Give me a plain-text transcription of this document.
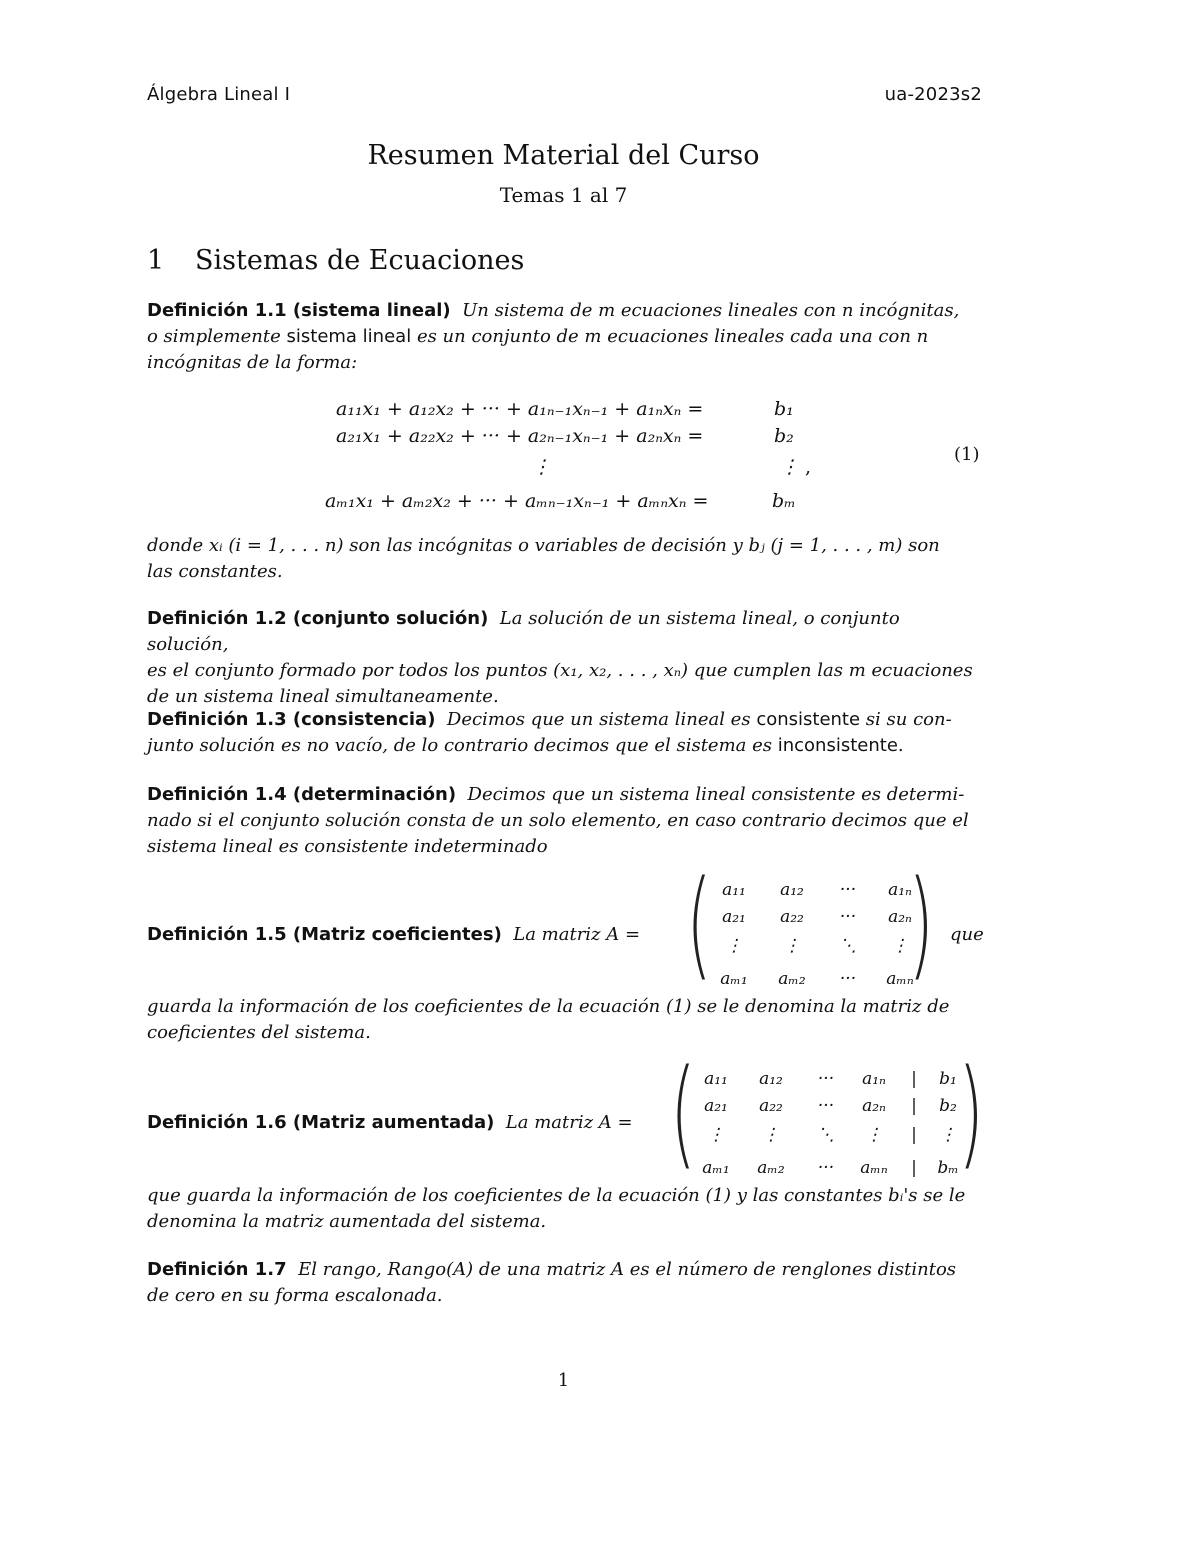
Álgebra Lineal I	ua-2023s2
Resumen Material del Curso
Temas 1 al 7
1 Sistemas de Ecuaciones
Definición 1.1 (sistema lineal) Un sistema de m ecuaciones lineales con n incógnitas,
o simplemente sistema lineal es un conjunto de m ecuaciones lineales cada una con n
incógnitas de la forma:
a₁₁x₁ + a₁₂x₂ + ··· + a₁ₙ₋₁xₙ₋₁ + a₁ₙxₙ =	b₁
a₂₁x₁ + a₂₂x₂ + ··· + a₂ₙ₋₁xₙ₋₁ + a₂ₙxₙ =	b₂
⋮	⋮ ,
aₘ₁x₁ + aₘ₂x₂ + ··· + aₘₙ₋₁xₙ₋₁ + aₘₙxₙ =	bₘ
(1)
donde xᵢ (i = 1, . . . n) son las incógnitas o variables de decisión y bⱼ (j = 1, . . . , m) son
las constantes.
Definición 1.2 (conjunto solución) La solución de un sistema lineal, o conjunto solución,
es el conjunto formado por todos los puntos (x₁, x₂, . . . , xₙ) que cumplen las m ecuaciones
de un sistema lineal simultaneamente.
Definición 1.3 (consistencia) Decimos que un sistema lineal es consistente si su con-
junto solución es no vacío, de lo contrario decimos que el sistema es inconsistente.
Definición 1.4 (determinación) Decimos que un sistema lineal consistente es determi-
nado si el conjunto solución consta de un solo elemento, en caso contrario decimos que el
sistema lineal es consistente indeterminado
Definición 1.5 (Matriz coeficientes) La matriz A = ( )
a₁₁	a₁₂	···	a₁ₙ
a₂₁	a₂₂	···	a₂ₙ
⋮	⋮	⋱	⋮
aₘ₁	aₘ₂	···	aₘₙ
que
guarda la información de los coeficientes de la ecuación (1) se le denomina la matriz de
coeficientes del sistema.
Definición 1.6 (Matriz aumentada) La matriz A = ( )
a₁₁	a₁₂	···	a₁ₙ	|	b₁
a₂₁	a₂₂	···	a₂ₙ	|	b₂
⋮	⋮	⋱	⋮	|	⋮
aₘ₁	aₘ₂	···	aₘₙ	|	bₘ
que guarda la información de los coeficientes de la ecuación (1) y las constantes bᵢ's se le
denomina la matriz aumentada del sistema.
Definición 1.7 El rango, Rango(A) de una matriz A es el número de renglones distintos
de cero en su forma escalonada.
1
